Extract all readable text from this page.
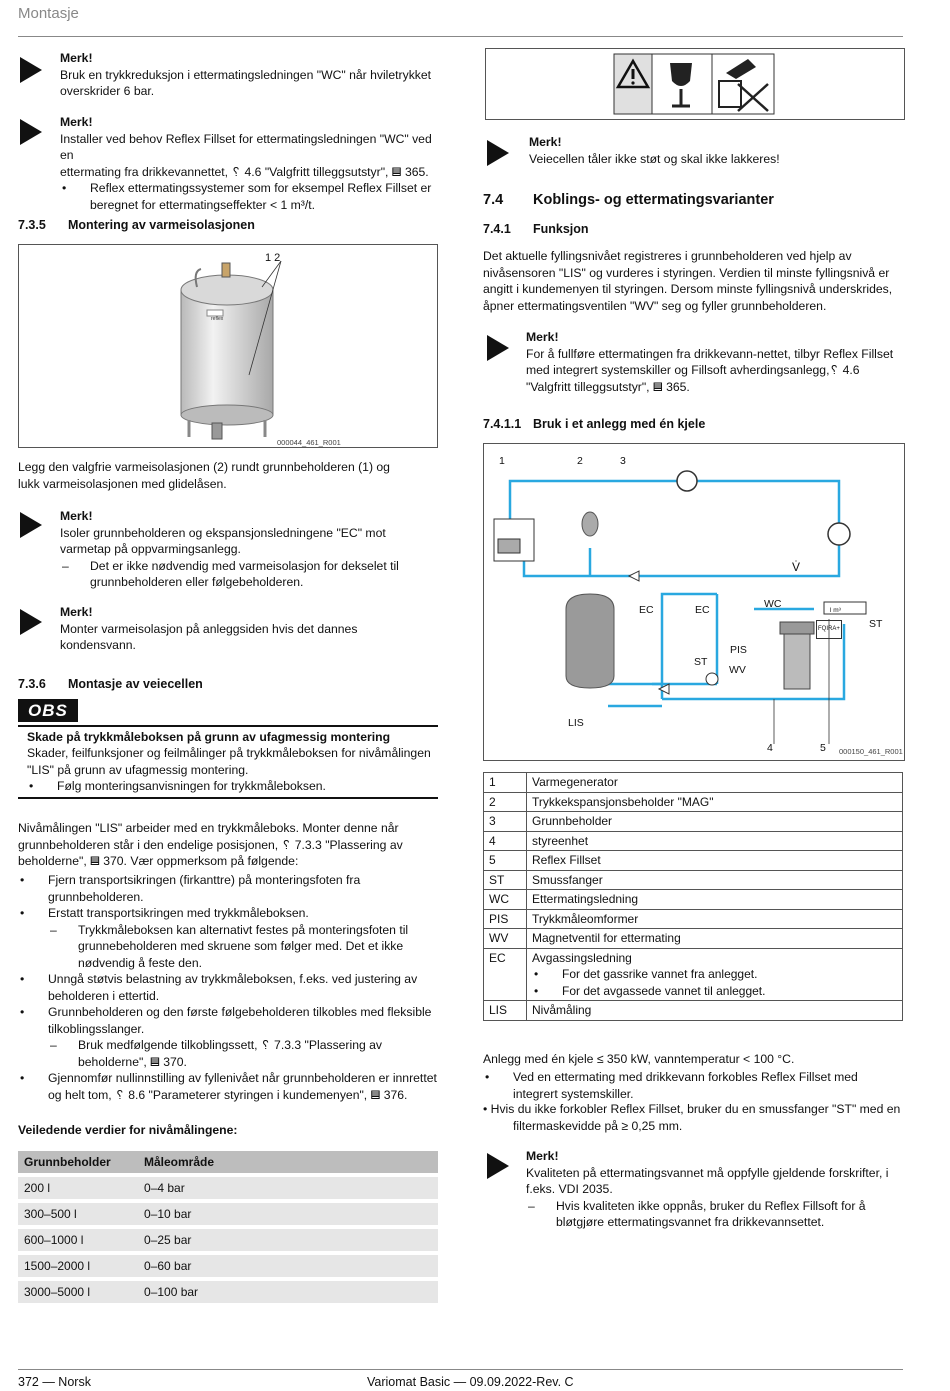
Montasje
Merk!
Bruk en trykkreduksjon i ettermatingsledningen "WC" når hviletrykket overskrider 6 bar.
Merk!
Installer ved behov Reflex Fillset for ettermatingsledningen "WC" ved en
ettermating fra drikkevannettet, ␦ 4.6 "Valgfritt tilleggsutstyr", ▤ 365.
• Reflex ettermatingssystemer som for eksempel Reflex Fillset er beregnet for ettermatingseffekter < 1 m³/t.
7.3.5 Montering av varmeisolasjonen
1 2
reflex
000044_461_R001
Legg den valgfrie varmeisolasjonen (2) rundt grunnbeholderen (1) og lukk varmeisolasjonen med glidelåsen.
Merk!
Isoler grunnbeholderen og ekspansjonsledningene "EC" mot varmetap på oppvarmingsanlegg.
– Det er ikke nødvendig med varmeisolasjon for dekselet til grunnbeholderen eller følgebeholderen.
Merk!
Monter varmeisolasjon på anleggsiden hvis det dannes kondensvann.
7.3.6 Montasje av veiecellen
OBS
Skade på trykkmåleboksen på grunn av ufagmessig montering
Skader, feilfunksjoner og feilmålinger på trykkmåleboksen for nivåmålingen "LIS" på grunn av ufagmessig montering.
• Følg monteringsanvisningen for trykkmåleboksen.
Nivåmålingen "LIS" arbeider med en trykkmåleboks. Monter denne når grunnbeholderen står i den endelige posisjonen, ␦ 7.3.3 "Plassering av beholderne", ▤ 370. Vær oppmerksom på følgende:
• Fjern transportsikringen (firkanttre) på monteringsfoten fra grunnbeholderen.
• Erstatt transportsikringen med trykkmåleboksen.
– Trykkmåleboksen kan alternativt festes på monteringsfoten til grunnebeholderen med skruene som følger med. Det et ikke nødvendig å feste den.
• Unngå støtvis belastning av trykkmåleboksen, f.eks. ved justering av beholderen i ettertid.
• Grunnbeholderen og den første følgebeholderen tilkobles med fleksible tilkoblingsslanger.
– Bruk medfølgende tilkoblingssett, ␦ 7.3.3 "Plassering av beholderne", ▤ 370.
• Gjennomfør nullinnstilling av fyllenivået når grunnbeholderen er innrettet og helt tom, ␦ 8.6 "Parameterer styringen i kundemenyen", ▤ 376.
Veiledende verdier for nivåmålingene:
Grunnbeholder	Måleområde
200 l	0–4 bar
300–500 l	0–10 bar
600–1000 l	0–25 bar
1500–2000 l	0–60 bar
3000–5000 l	0–100 bar
Merk!
Veiecellen tåler ikke støt og skal ikke lakkeres!
7.4 Koblings- og ettermatingsvarianter
7.4.1 Funksjon
Det aktuelle fyllingsnivået registreres i grunnbeholderen ved hjelp av nivåsensoren "LIS" og vurderes i styringen. Verdien til minste fyllingsnivå er angitt i kundemenyen til styringen. Dersom minste fyllingsnivå underskrides, åpner ettermatingsventilen "WV" seg og fyller grunnbeholderen.
Merk!
For å fullføre ettermatingen fra drikkevann-nettet, tilbyr Reflex Fillset med integrert systemskiller og Fillsoft avherdingsanlegg,␦ 4.6 "Valgfritt tilleggsutstyr", ▤ 365.
7.4.1.1 Bruk i et anlegg med én kjele
1	2	3
4	5
EC	EC	WC
ST
PIS
WV
ST
LIS
V̇
FQIRA+
l m³
000150_461_R001
1	Varmegenerator
2	Trykkekspansjonsbeholder "MAG"
3	Grunnbeholder
4	styreenhet
5	Reflex Fillset
ST	Smussfanger
WC	Ettermatingsledning
PIS	Trykkmåleomformer
WV	Magnetventil for ettermating
EC	Avgassingsledning
• For det gassrike vannet fra anlegget.
• For det avgassede vannet til anlegget.

LIS	Nivåmåling
Anlegg med én kjele ≤ 350 kW, vanntemperatur < 100 °C.
• Ved en ettermating med drikkevann forkobles Reflex Fillset med integrert systemskiller.
• Hvis du ikke forkobler Reflex Fillset, bruker du en smussfanger "ST" med en filtermaskevidde på ≥ 0,25 mm.
Merk!
Kvaliteten på ettermatingsvannet må oppfylle gjeldende forskrifter, i f.eks. VDI 2035.
– Hvis kvaliteten ikke oppnås, bruker du Reflex Fillsoft for å bløtgjøre ettermatingsvannet fra drikkevannsettet.
372 — Norsk	Variomat Basic — 09.09.2022-Rev. C
